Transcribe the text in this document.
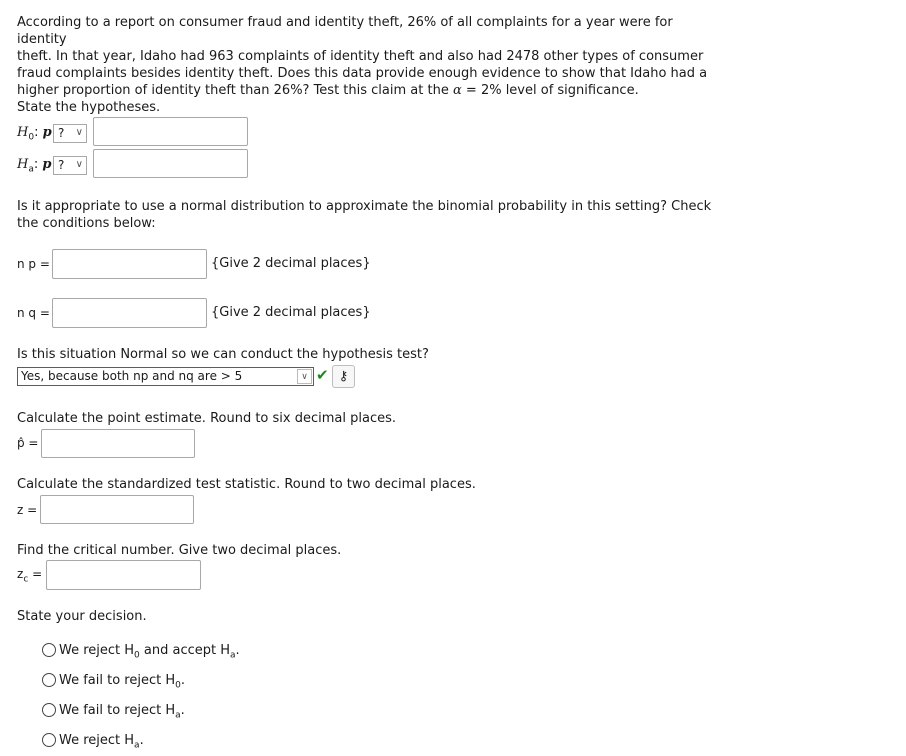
According to a report on consumer fraud and identity theft, 26% of all complaints for a year were for identity
theft. In that year, Idaho had 963 complaints of identity theft and also had 2478 other types of consumer
fraud complaints besides identity theft. Does this data provide enough evidence to show that Idaho had a
higher proportion of identity theft than 26%? Test this claim at the α = 2% level of significance.
State the hypotheses.
$H_0$: p ? ∨
$H_a$: p ? ∨
Is it appropriate to use a normal distribution to approximate the binomial probability in this setting? Check
the conditions below:
n p =	{Give 2 decimal places}
n q =	{Give 2 decimal places}
Is this situation Normal so we can conduct the hypothesis test?
Yes, because both np and nq are > 5	∨ ✔ ⚷
Calculate the point estimate. Round to six decimal places.
p̂ =
Calculate the standardized test statistic. Round to two decimal places.
z =
Find the critical number. Give two decimal places.
$z_c$ =
State your decision.
We reject $H_0$ and accept $H_a$.
We fail to reject $H_0$.
We fail to reject $H_a$.
We reject $H_a$.
